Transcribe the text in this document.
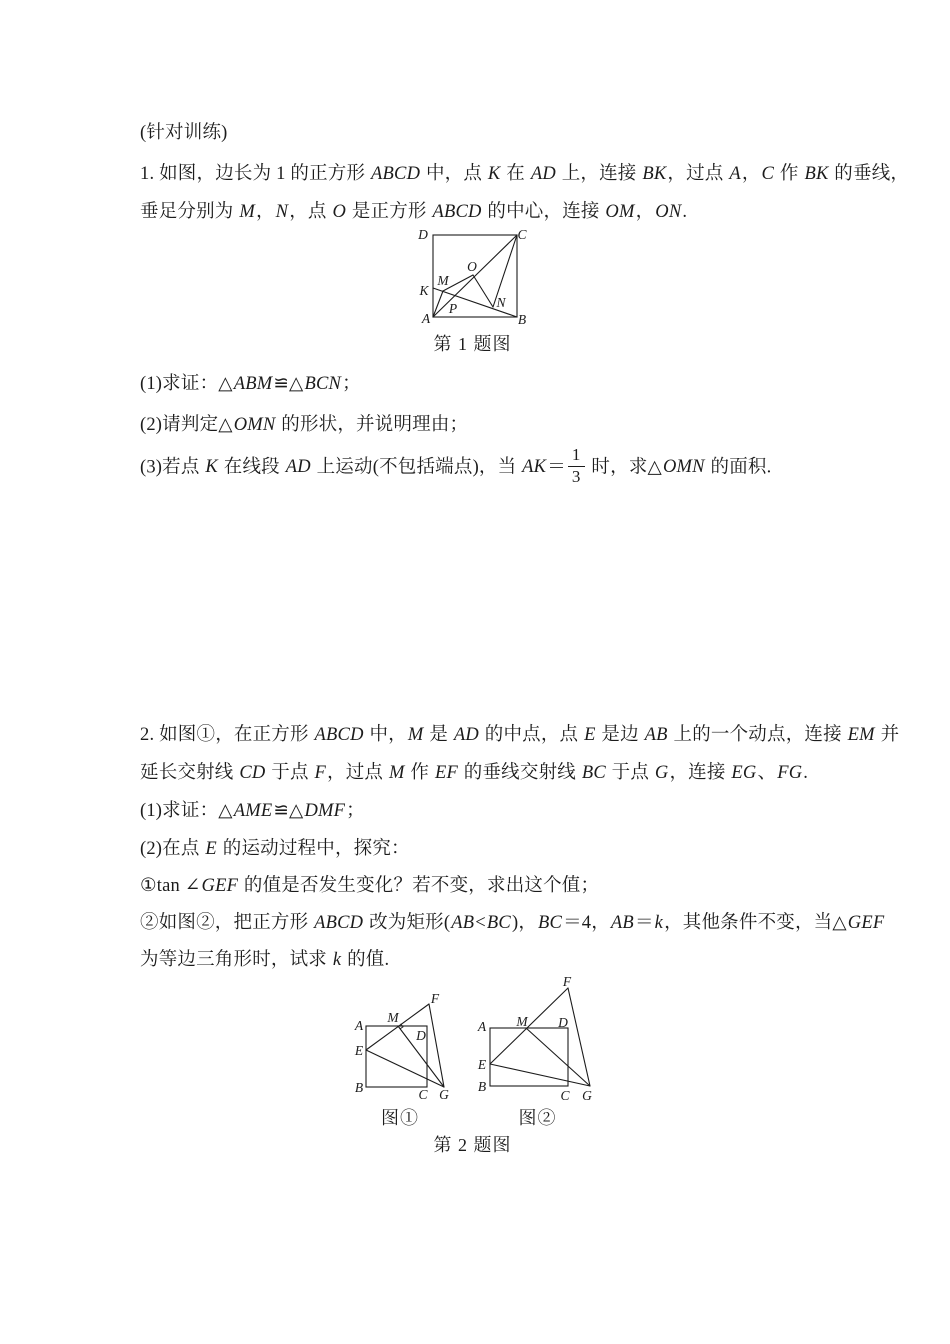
(针对训练)
1. 如图，边长为 1 的正方形 ABCD 中，点 K 在 AD 上，连接 BK，过点 A，C 作 BK 的垂线，
垂足分别为 M，N，点 O 是正方形 ABCD 的中心，连接 OM，ON.
D	C
A	B
K
M
O
P	N
第 1 题图
(1)求证：△ABM≌△BCN；
(2)请判定△OMN 的形状，并说明理由；
(3)若点 K 在线段 AD 上运动(不包括端点)，当 $AK= \frac{1}{3}$ 时，求△OMN 的面积.
2. 如图①，在正方形 ABCD 中，M 是 AD 的中点，点 E 是边 AB 上的一个动点，连接 EM 并
延长交射线 CD 于点 F，过点 M 作 EF 的垂线交射线 BC 于点 G，连接 EG、FG.
(1)求证：△AME≌△DMF；
(2)在点 E 的运动过程中，探究：
①tan ∠GEF 的值是否发生变化？若不变，求出这个值；
②如图②，把正方形 ABCD 改为矩形(AB<BC)，BC＝4，AB＝k，其他条件不变，当△GEF
为等边三角形时，试求 k 的值.
A
M
F
D
E
B	C G
A M D
F
E
B
C G
图①	图②
第 2 题图
